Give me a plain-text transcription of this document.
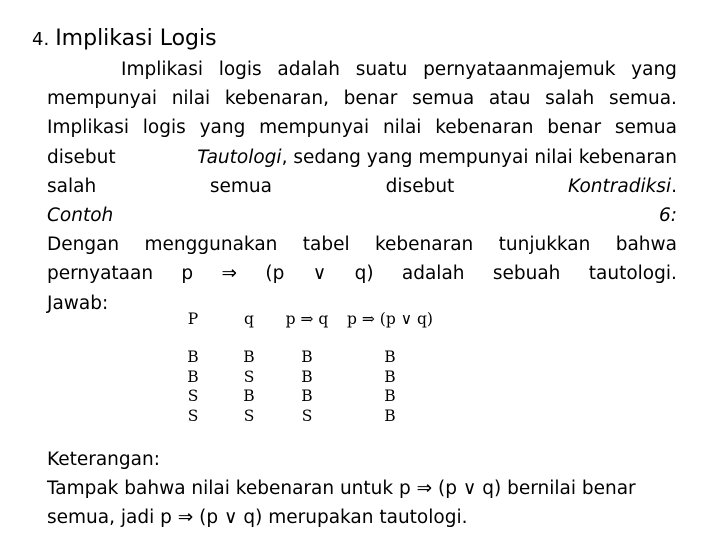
4. Implikasi Logis
Implikasi logis adalah suatu pernyataanmajemuk yang
mempunyai nilai kebenaran, benar semua atau salah semua.
Implikasi logis yang mempunyai nilai kebenaran benar semua
disebut	Tautologi, sedang yang mempunyai nilai kebenaran
salah	semua	disebut	Kontradiksi.
Contoh	6:
Dengan menggunakan tabel kebenaran tunjukkan bahwa
pernyataan p ⇒ (p ∨ q) adalah sebuah tautologi.
Jawab:
P	q	p ⇒ q	p ⇒ (p ∨ q)
B	B	B	B
B	S	B	B
S	B	B	B
S	S	S	B
Keterangan:
Tampak bahwa nilai kebenaran untuk p ⇒ (p ∨ q) bernilai benar
semua, jadi p ⇒ (p ∨ q) merupakan tautologi.
